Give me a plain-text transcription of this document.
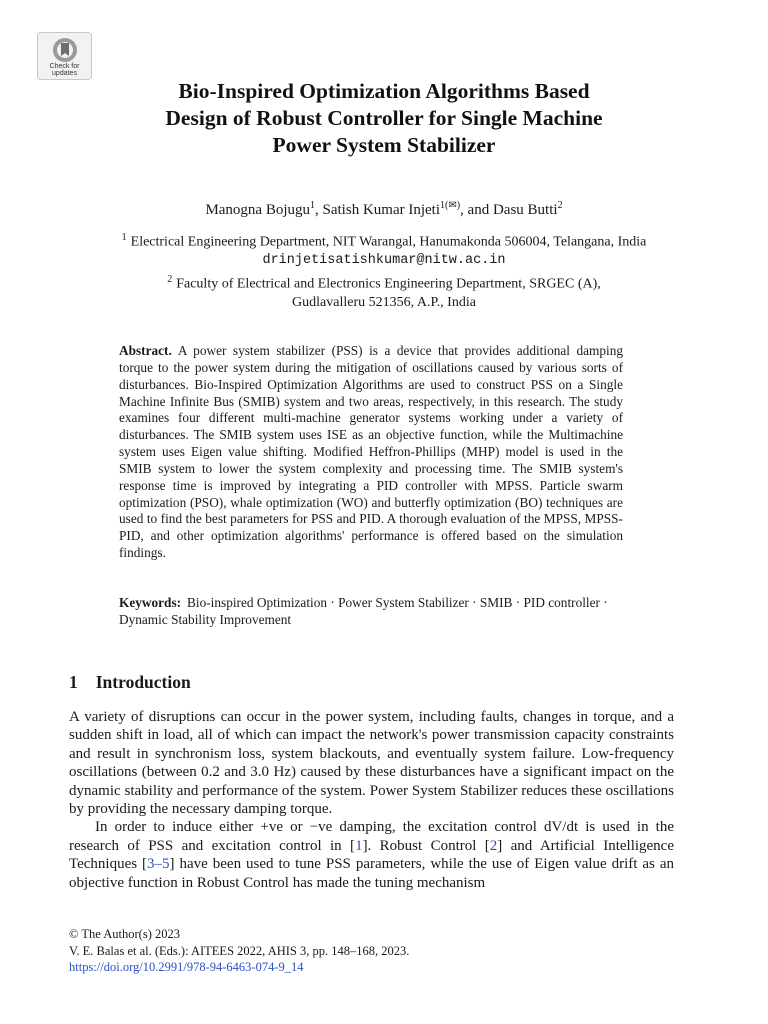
Check for
updates
Bio-Inspired Optimization Algorithms Based
Design of Robust Controller for Single Machine
Power System Stabilizer
Manogna Bojugu$^1$, Satish Kumar Injeti$^{1(✉)}$, and Dasu Butti$^2$
$^1$ Electrical Engineering Department, NIT Warangal, Hanumakonda 506004, Telangana, India
drinjetisatishkumar@nitw.ac.in
$^2$ Faculty of Electrical and Electronics Engineering Department, SRGEC (A),
Gudlavalleru 521356, A.P., India

Abstract. A power system stabilizer (PSS) is a device that provides additional damping torque to the power system during the mitigation of oscillations caused by various sorts of disturbances. Bio-Inspired Optimization Algorithms are used to construct PSS on a Single Machine Infinite Bus (SMIB) system and two areas, respectively, in this research. The study examines four different multi-machine generator systems working under a variety of disturbances. The SMIB system uses ISE as an objective function, while the Multimachine system uses Eigen value shifting. Modified Heffron-Phillips (MHP) model is used in the SMIB system to lower the system complexity and processing time. The SMIB system's response time is improved by integrating a PID controller with MPSS. Particle swarm optimization (PSO), whale optimization (WO) and butterfly optimization (BO) techniques are used to find the best parameters for PSS and PID. A thorough evaluation of the MPSS, MPSS-PID, and other optimization algorithms' performance is offered based on the simulation findings.

Keywords: Bio-inspired Optimization · Power System Stabilizer · SMIB · PID controller · Dynamic Stability Improvement

1 Introduction

A variety of disruptions can occur in the power system, including faults, changes in torque, and a sudden shift in load, all of which can impact the network's power transmission capacity constraints and result in synchronism loss, system blackouts, and eventually system failure. Low-frequency oscillations (between 0.2 and 3.0 Hz) caused by these disturbances have a significant impact on the dynamic stability and performance of the system. Power System Stabilizer reduces these oscillations by providing the necessary damping torque.

In order to induce either +ve or −ve damping, the excitation control dV/dt is used in the research of PSS and excitation control in [1]. Robust Control [2] and Artificial Intelligence Techniques [3–5] have been used to tune PSS parameters, while the use of Eigen value drift as an objective function in Robust Control has made the tuning mechanism

© The Author(s) 2023
V. E. Balas et al. (Eds.): AITEES 2022, AHIS 3, pp. 148–168, 2023.
https://doi.org/10.2991/978-94-6463-074-9_14
